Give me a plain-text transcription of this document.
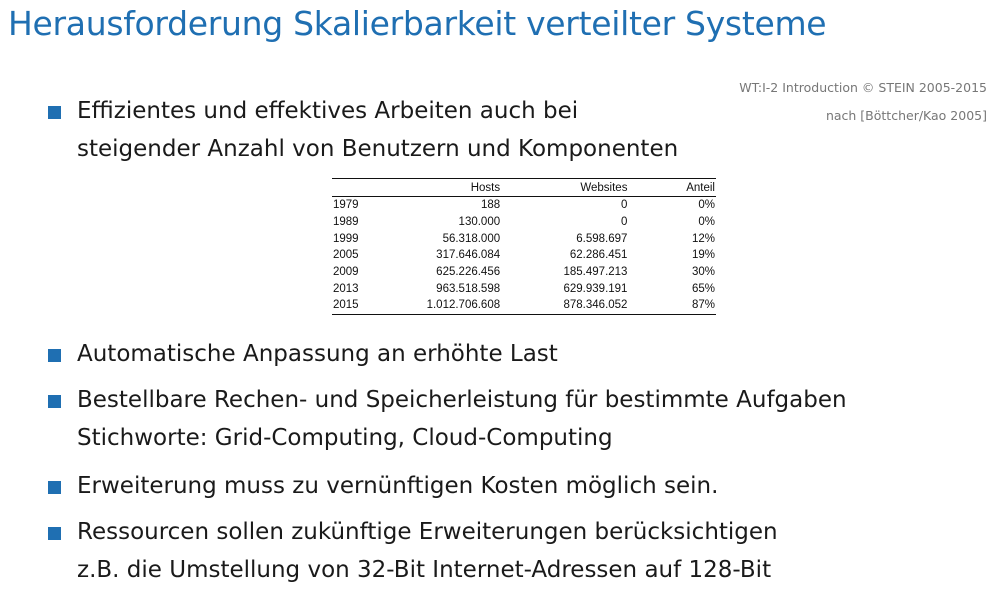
Herausforderung Skalierbarkeit verteilter Systeme
WT:I-2 Introduction © STEIN 2005-2015
nach [Böttcher/Kao 2005]
Effizientes und effektives Arbeiten auch bei
steigender Anzahl von Benutzern und Komponenten
	Hosts	Websites	Anteil
1979	188	0	0%
1989	130.000	0	0%
1999	56.318.000	6.598.697	12%
2005	317.646.084	62.286.451	19%
2009	625.226.456	185.497.213	30%
2013	963.518.598	629.939.191	65%
2015	1.012.706.608	878.346.052	87%
Automatische Anpassung an erhöhte Last
Bestellbare Rechen- und Speicherleistung für bestimmte Aufgaben
Stichworte: Grid-Computing, Cloud-Computing
Erweiterung muss zu vernünftigen Kosten möglich sein.
Ressourcen sollen zukünftige Erweiterungen berücksichtigen
z.B. die Umstellung von 32-Bit Internet-Adressen auf 128-Bit
